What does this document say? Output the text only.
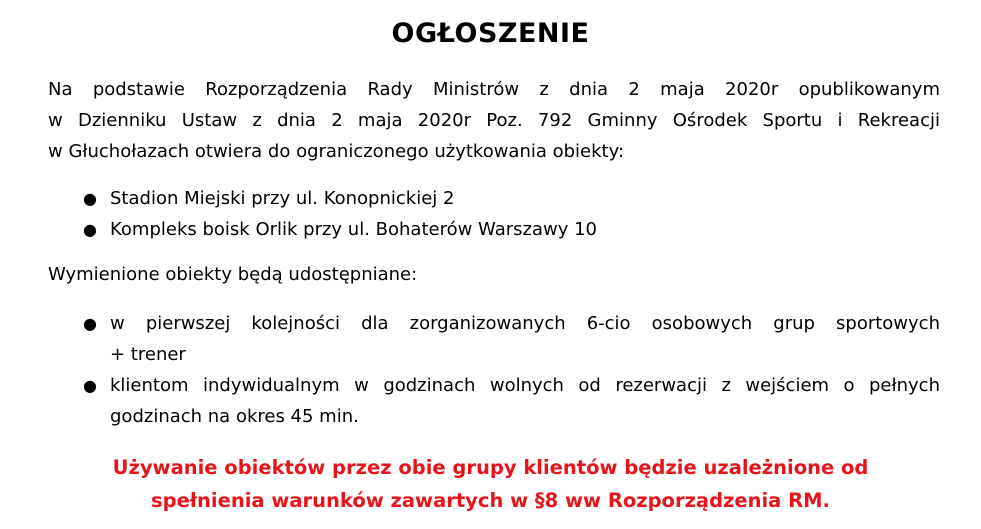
OGŁOSZENIE
Na podstawie Rozporządzenia Rady Ministrów z dnia 2 maja 2020r opublikowanym
w Dzienniku Ustaw z dnia 2 maja 2020r Poz. 792 Gminny Ośrodek Sportu i Rekreacji
w Głuchołazach otwiera do ograniczonego użytkowania obiekty:
● Stadion Miejski przy ul. Konopnickiej 2
● Kompleks boisk Orlik przy ul. Bohaterów Warszawy 10
Wymienione obiekty będą udostępniane:
● w pierwszej kolejności dla zorganizowanych 6-cio osobowych grup sportowych
+ trener
● klientom indywidualnym w godzinach wolnych od rezerwacji z wejściem o pełnych
godzinach na okres 45 min.
Używanie obiektów przez obie grupy klientów będzie uzależnione od
spełnienia warunków zawartych w §8 ww Rozporządzenia RM.
